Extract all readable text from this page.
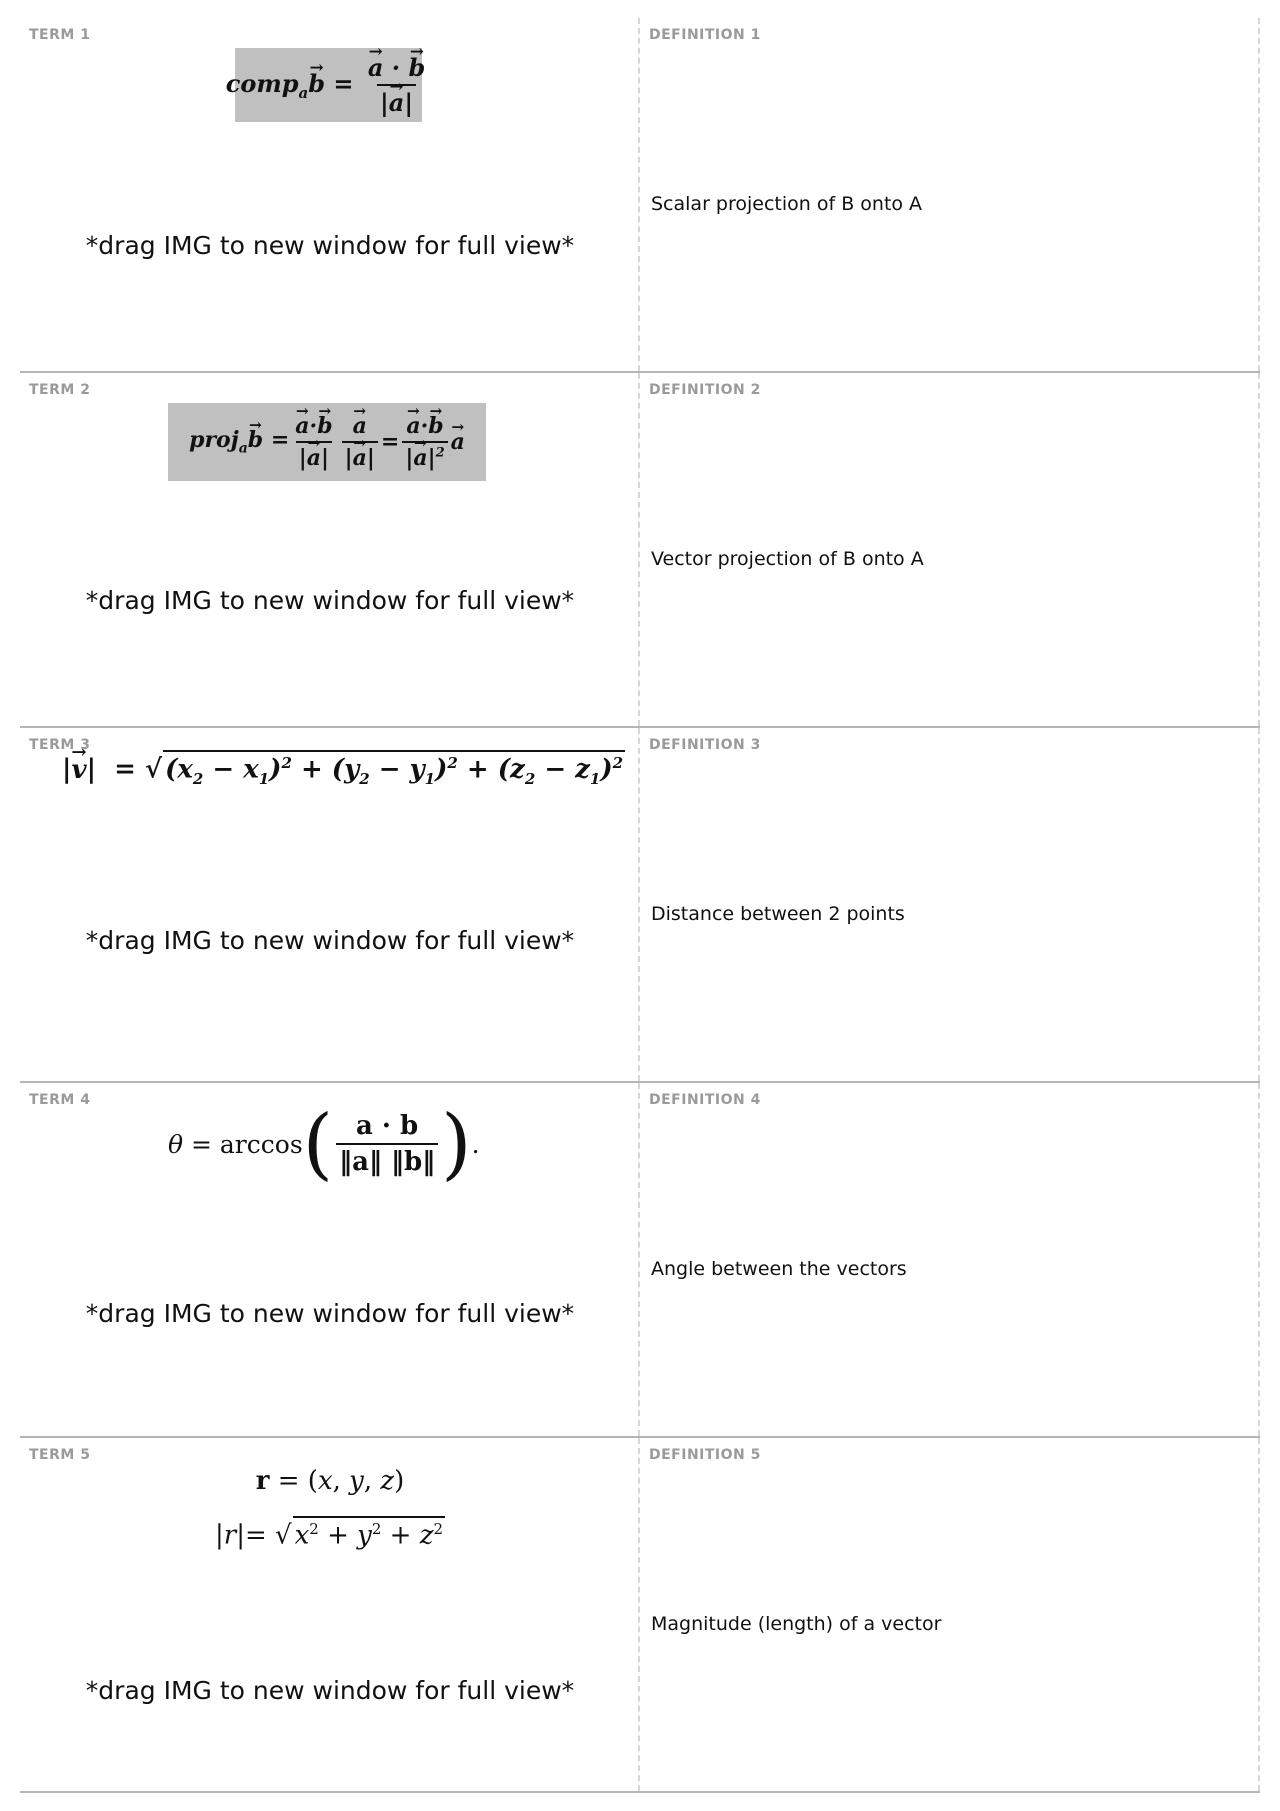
TERM 1
comp$_a$b → = $\frac{a \to \cdot b \to}{|a \to|}$
*drag IMG to new window for full view*
DEFINITION 1
Scalar projection of B onto A
TERM 2
proj$_a$b → = $\frac{a \to\cdot b \to}{|a \to|} \frac{a \to}{|a \to|} = \frac{a \to\cdot b \to}{|a \to|^2}$ a →
*drag IMG to new window for full view*
DEFINITION 2
Vector projection of B onto A
|v →|  = √ $(x_2 - x_1)^2 + (y_2 - y_1)^2 + (z_2 - z_1)^2$
TERM 3
*drag IMG to new window for full view*
DEFINITION 3
Distance between 2 points
TERM 4
θ = arccos ( $\frac{a \cdot b}{‖a‖ ‖b‖}$ ) .
*drag IMG to new window for full view*
DEFINITION 4
Angle between the vectors
TERM 5
r = (x, y, z)
|r|= √ $x^2 + y^2 + z^2$
*drag IMG to new window for full view*
DEFINITION 5
Magnitude (length) of a vector
